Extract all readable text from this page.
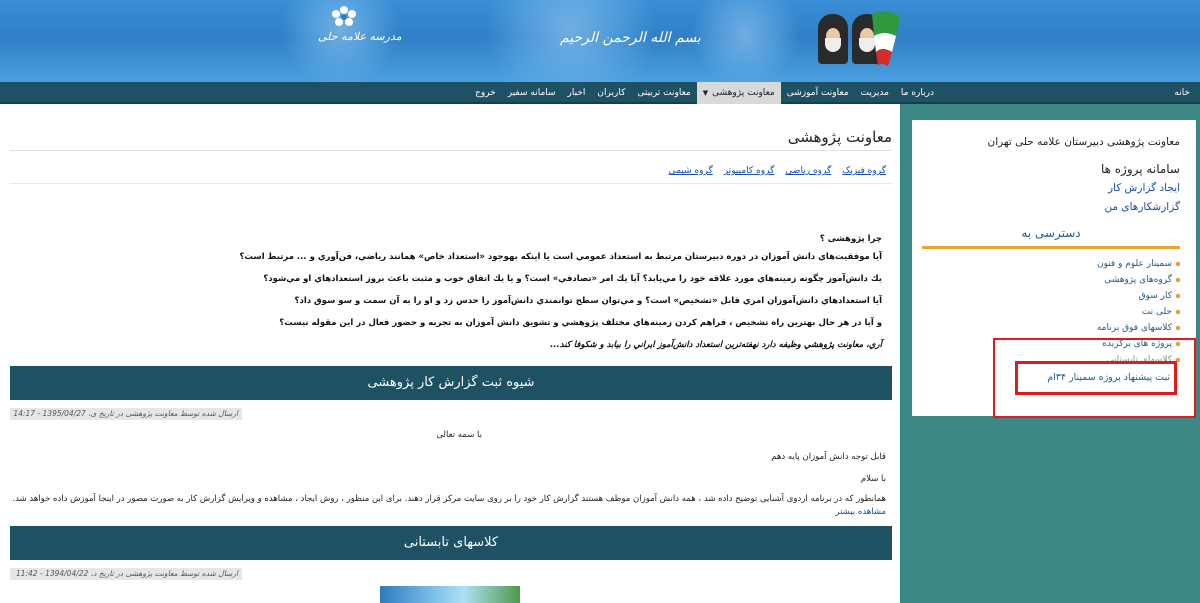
مدرسه علامه حلی	بسم الله الرحمن الرحیم
خانه
درباره ما
مدیریت
معاونت آموزشی
معاونت پژوهشی▼
معاونت تربیتی
کاربران
اخبار
سامانه سفیر
خروج
معاونت پژوهشی دبیرستان علامه حلی تهران
سامانه پروژه ها
ایجاد گزارش کار
گزارشکارهای من
دسترسی به
سمینار علوم و فنون
گروه‌های پژوهشی
کار سوق
حلی نت
کلاسهای فوق برنامه
پروژه های برگزیده
کلاسهای تابستانی
ثبت پیشنهاد پروژه سمینار ۳۴ام
معاونت پژوهشی
گروه فیزیک
گروه ریاضی
گروه کامپیوتر
گروه شیمی
چرا پژوهشی ؟
آيا موفقيت‌هاي دانش آموزان در دوره دبيرستان مرتبط به استعداد عمومي است يا اينكه بهوجود «استعداد خاص» همانند رياضي، فن‌آوري و ... مرتبط است؟
يك دانش‌آموز چگونه زمينه‌هاي مورد علاقه خود را مي‌يابد؟ آيا يك امر «تصادفي» است؟ و يا يك اتفاق خوب و مثبت باعث بروز استعدادهاي او مي‌شود؟
آيا استعدادهاي دانش‌آموزان امري قابل «تشخيص» است؟ و مي‌توان سطح توانمندي دانش‌آموز را حدس زد و او را به آن سمت و سو سوق داد؟
و آيا در هر حال بهترين راه تشخيص ، فراهم كردن زمينه‌هاي مختلف پژوهشي و تشويق دانش آموزان به تجربه و حضور فعال در اين مقوله نيست؟
آري، معاونت پژوهشي وظيفه دارد نهفته‌ترين استعداد دانش‌آموز ايراني را بيابد و شكوفا كند...
شیوه ثبت گزارش کار پژوهشی
ارسال شده توسط معاونت پژوهشی در تاریخ ی، 1395/04/27 - 14:17
با سمه تعالی
قابل توجه دانش آموزان پایه دهم
با سلام
همانطور که در برنامه اردوی آشنایی توضیح داده شد ، همه دانش آموزان موظف هستند گزارش کار خود را بر روی سایت مرکز قرار دهند. برای این منظور ، روش ایجاد ، مشاهده و ویرایش گزارش کار به صورت مصور در اینجا آموزش داده خواهد شد.
مشاهده بیشتر
کلاسهای تابستانی
ارسال شده توسط معاونت پژوهشی در تاریخ د، 1394/04/22 - 11:42
